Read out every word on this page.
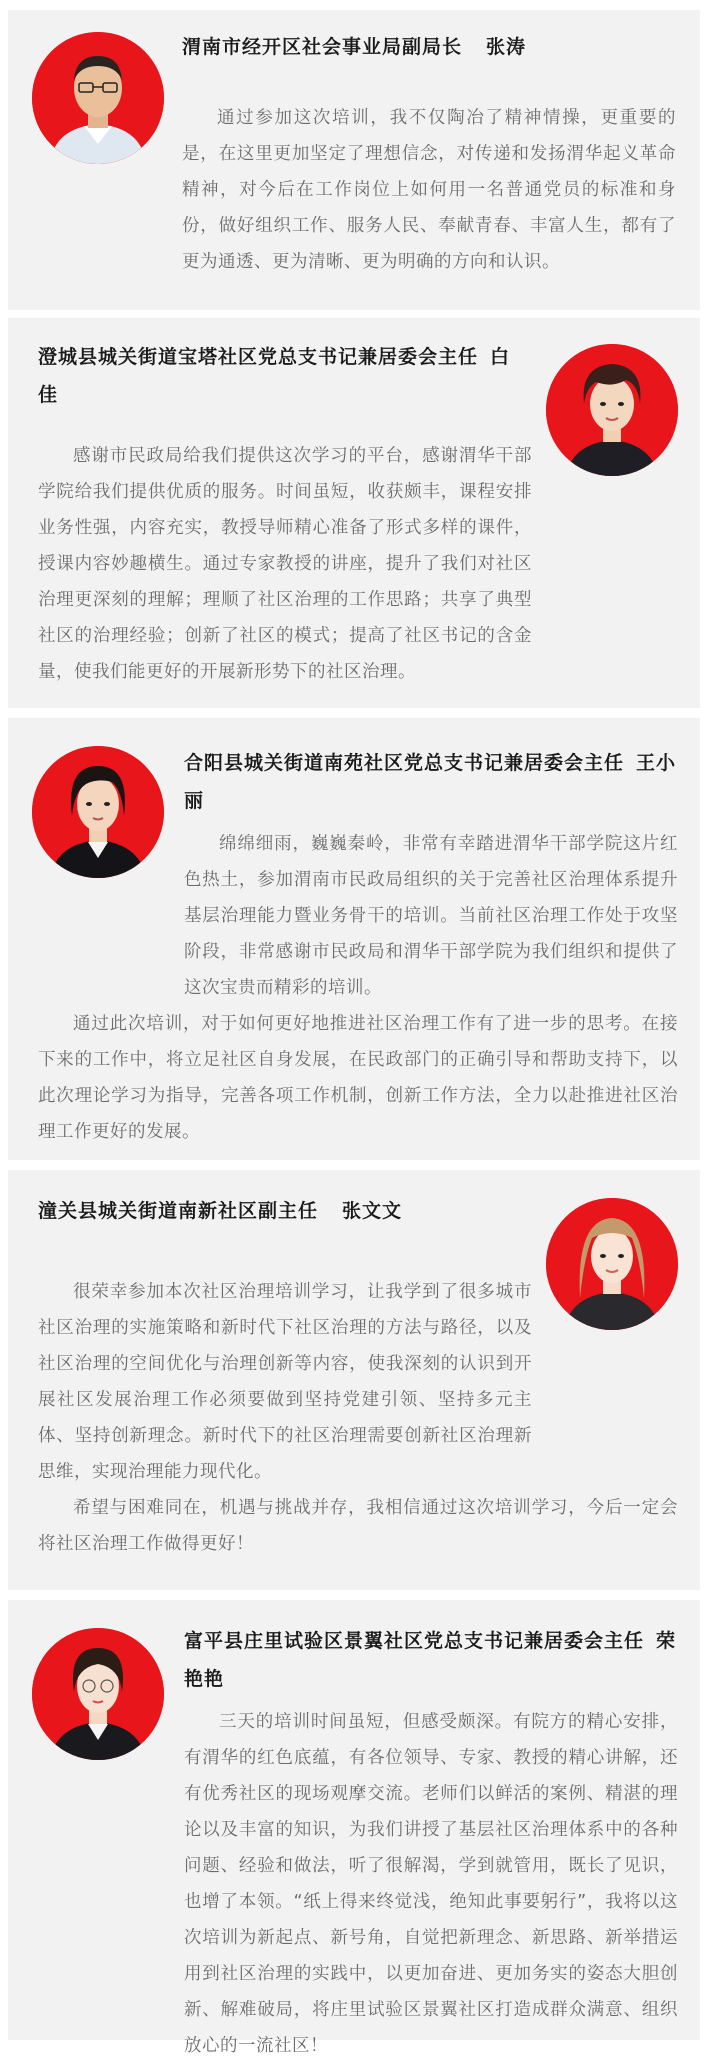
渭南市经开区社会事业局副局长 张涛

通过参加这次培训，我不仅陶冶了精神情操，更重要的是，在这里更加坚定了理想信念，对传递和发扬渭华起义革命精神，对今后在工作岗位上如何用一名普通党员的标准和身份，做好组织工作、服务人民、奉献青春、丰富人生，都有了更为通透、更为清晰、更为明确的方向和认识。

澄城县城关街道宝塔社区党总支书记兼居委会主任 白佳

感谢市民政局给我们提供这次学习的平台，感谢渭华干部学院给我们提供优质的服务。时间虽短，收获颇丰，课程安排业务性强，内容充实，教授导师精心准备了形式多样的课件，授课内容妙趣横生。通过专家教授的讲座，提升了我们对社区治理更深刻的理解；理顺了社区治理的工作思路；共享了典型社区的治理经验；创新了社区的模式；提高了社区书记的含金量，使我们能更好的开展新形势下的社区治理。

合阳县城关街道南苑社区党总支书记兼居委会主任 王小丽

绵绵细雨，巍巍秦岭，非常有幸踏进渭华干部学院这片红色热土，参加渭南市民政局组织的关于完善社区治理体系提升基层治理能力暨业务骨干的培训。当前社区治理工作处于攻坚阶段，非常感谢市民政局和渭华干部学院为我们组织和提供了这次宝贵而精彩的培训。

通过此次培训，对于如何更好地推进社区治理工作有了进一步的思考。在接下来的工作中，将立足社区自身发展，在民政部门的正确引导和帮助支持下，以此次理论学习为指导，完善各项工作机制，创新工作方法，全力以赴推进社区治理工作更好的发展。

潼关县城关街道南新社区副主任 张文文

很荣幸参加本次社区治理培训学习，让我学到了很多城市社区治理的实施策略和新时代下社区治理的方法与路径，以及社区治理的空间优化与治理创新等内容，使我深刻的认识到开展社区发展治理工作必须要做到坚持党建引领、坚持多元主体、坚持创新理念。新时代下的社区治理需要创新社区治理新思维，实现治理能力现代化。

希望与困难同在，机遇与挑战并存，我相信通过这次培训学习，今后一定会将社区治理工作做得更好！

富平县庄里试验区景翼社区党总支书记兼居委会主任 荣艳艳

三天的培训时间虽短，但感受颇深。有院方的精心安排，有渭华的红色底蕴，有各位领导、专家、教授的精心讲解，还有优秀社区的现场观摩交流。老师们以鲜活的案例、精湛的理论以及丰富的知识，为我们讲授了基层社区治理体系中的各种问题、经验和做法，听了很解渴，学到就管用，既长了见识，也增了本领。“纸上得来终觉浅，绝知此事要躬行”，我将以这次培训为新起点、新号角，自觉把新理念、新思路、新举措运用到社区治理的实践中，以更加奋进、更加务实的姿态大胆创新、解难破局，将庄里试验区景翼社区打造成群众满意、组织放心的一流社区！
